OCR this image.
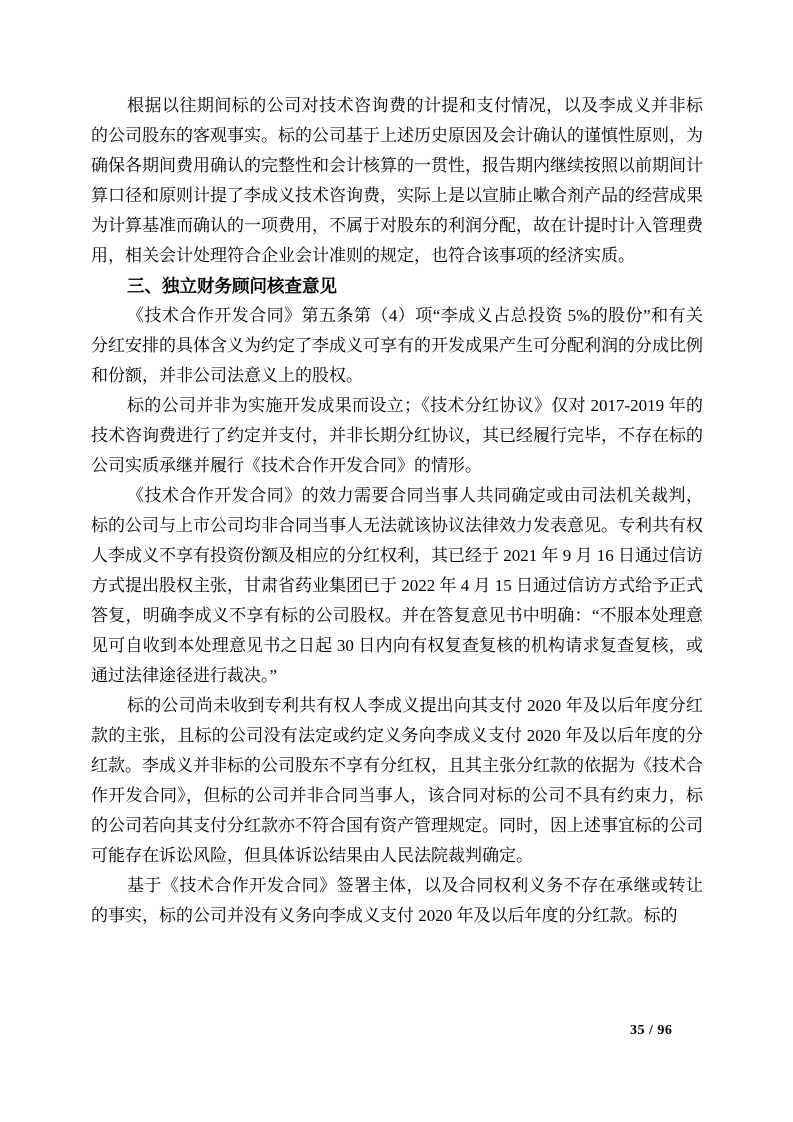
根据以往期间标的公司对技术咨询费的计提和支付情况，以及李成义并非标的公司股东的客观事实。标的公司基于上述历史原因及会计确认的谨慎性原则，为确保各期间费用确认的完整性和会计核算的一贯性，报告期内继续按照以前期间计算口径和原则计提了李成义技术咨询费，实际上是以宣肺止嗽合剂产品的经营成果为计算基准而确认的一项费用，不属于对股东的利润分配，故在计提时计入管理费用，相关会计处理符合企业会计准则的规定，也符合该事项的经济实质。

三、独立财务顾问核查意见

《技术合作开发合同》第五条第（4）项“李成义占总投资 5%的股份”和有关分红安排的具体含义为约定了李成义可享有的开发成果产生可分配利润的分成比例和份额，并非公司法意义上的股权。

标的公司并非为实施开发成果而设立；《技术分红协议》仅对 2017-2019 年的技术咨询费进行了约定并支付，并非长期分红协议，其已经履行完毕，不存在标的公司实质承继并履行《技术合作开发合同》的情形。

《技术合作开发合同》的效力需要合同当事人共同确定或由司法机关裁判，标的公司与上市公司均非合同当事人无法就该协议法律效力发表意见。专利共有权人李成义不享有投资份额及相应的分红权利，其已经于 2021 年 9 月 16 日通过信访方式提出股权主张，甘肃省药业集团已于 2022 年 4 月 15 日通过信访方式给予正式答复，明确李成义不享有标的公司股权。并在答复意见书中明确：“不服本处理意见可自收到本处理意见书之日起 30 日内向有权复查复核的机构请求复查复核，或通过法律途径进行裁决。”

标的公司尚未收到专利共有权人李成义提出向其支付 2020 年及以后年度分红款的主张，且标的公司没有法定或约定义务向李成义支付 2020 年及以后年度的分红款。李成义并非标的公司股东不享有分红权，且其主张分红款的依据为《技术合作开发合同》，但标的公司并非合同当事人，该合同对标的公司不具有约束力，标的公司若向其支付分红款亦不符合国有资产管理规定。同时，因上述事宜标的公司可能存在诉讼风险，但具体诉讼结果由人民法院裁判确定。

基于《技术合作开发合同》签署主体，以及合同权利义务不存在承继或转让的事实，标的公司并没有义务向李成义支付 2020 年及以后年度的分红款。标的

35 / 96
